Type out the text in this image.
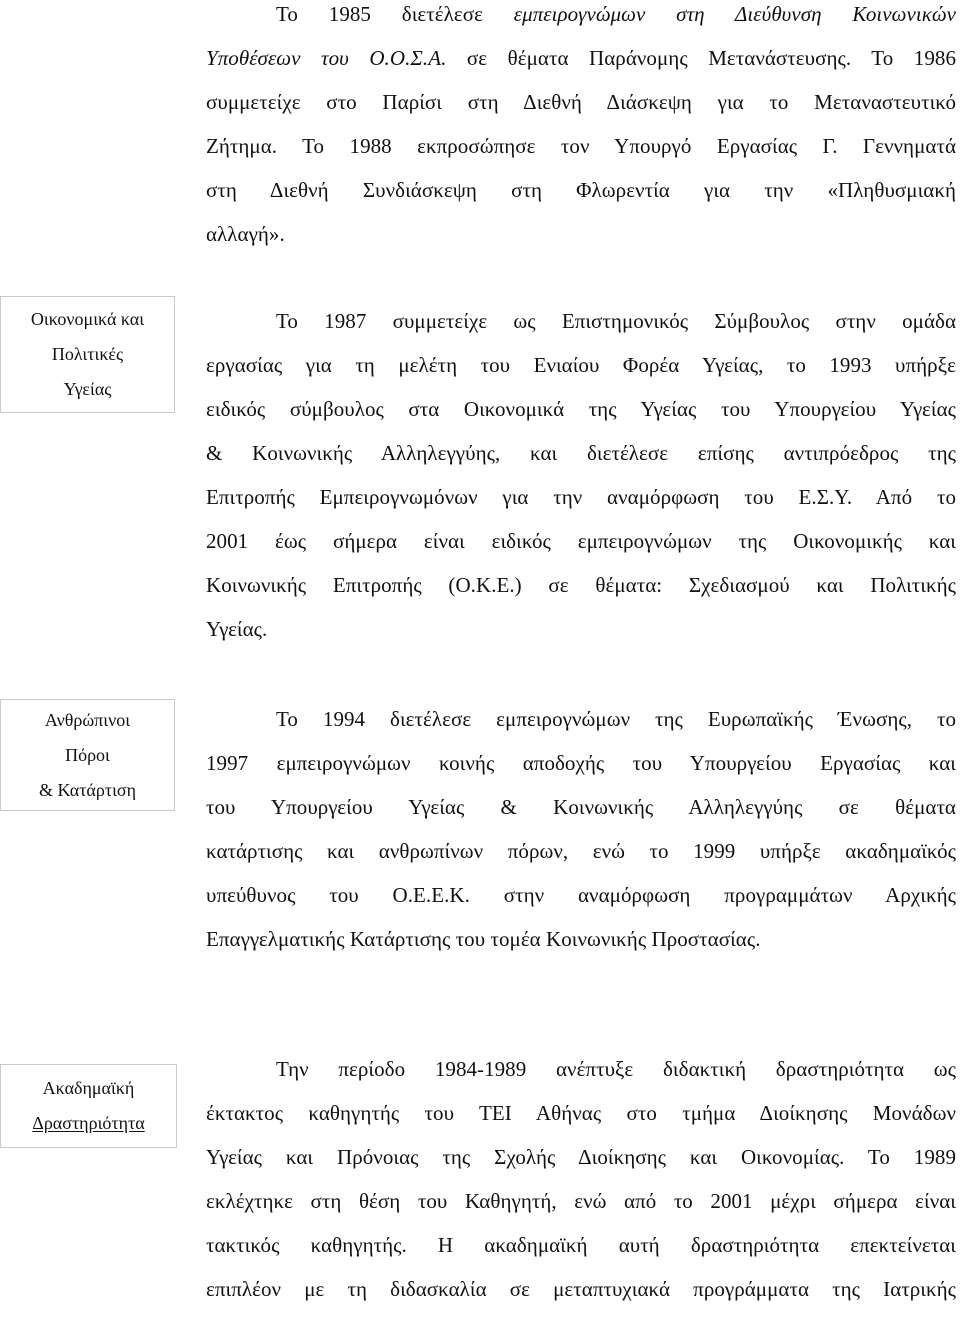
Το 1985 διετέλεσε εμπειρογνώμων στη Διεύθυνση Κοινωνικών
Υποθέσεων του Ο.Ο.Σ.Α. σε θέματα Παράνομης Μετανάστευσης. Το 1986
συμμετείχε στο Παρίσι στη Διεθνή Διάσκεψη για το Μεταναστευτικό
Ζήτημα. Το 1988 εκπροσώπησε τον Υπουργό Εργασίας Γ. Γεννηματά
στη Διεθνή Συνδιάσκεψη στη Φλωρεντία για την «Πληθυσμιακή
αλλαγή».
Οικονομικά και
Πολιτικές
Υγείας
Το 1987 συμμετείχε ως Επιστημονικός Σύμβουλος στην ομάδα
εργασίας για τη μελέτη του Ενιαίου Φορέα Υγείας, το 1993 υπήρξε
ειδικός σύμβουλος στα Οικονομικά της Υγείας του Υπουργείου Υγείας
& Κοινωνικής Αλληλεγγύης, και διετέλεσε επίσης αντιπρόεδρος της
Επιτροπής Εμπειρογνωμόνων για την αναμόρφωση του Ε.Σ.Υ. Από το
2001 έως σήμερα είναι ειδικός εμπειρογνώμων της Οικονομικής και
Κοινωνικής Επιτροπής (Ο.Κ.Ε.) σε θέματα: Σχεδιασμού και Πολιτικής
Υγείας.
Ανθρώπινοι
Πόροι
& Κατάρτιση
Το 1994 διετέλεσε εμπειρογνώμων της Ευρωπαϊκής Ένωσης, το
1997 εμπειρογνώμων κοινής αποδοχής του Υπουργείου Εργασίας και
του Υπουργείου Υγείας & Κοινωνικής Αλληλεγγύης σε θέματα
κατάρτισης και ανθρωπίνων πόρων, ενώ το 1999 υπήρξε ακαδημαϊκός
υπεύθυνος του Ο.Ε.Ε.Κ. στην αναμόρφωση προγραμμάτων Αρχικής
Επαγγελματικής Κατάρτισης του τομέα Κοινωνικής Προστασίας.
Ακαδημαϊκή
Δραστηριότητα
Την περίοδο 1984-1989 ανέπτυξε διδακτική δραστηριότητα ως
έκτακτος καθηγητής του ΤΕΙ Αθήνας στο τμήμα Διοίκησης Μονάδων
Υγείας και Πρόνοιας της Σχολής Διοίκησης και Οικονομίας. Το 1989
εκλέχτηκε στη θέση του Καθηγητή, ενώ από το 2001 μέχρι σήμερα είναι
τακτικός καθηγητής. Η ακαδημαϊκή αυτή δραστηριότητα επεκτείνεται
επιπλέον με τη διδασκαλία σε μεταπτυχιακά προγράμματα της Ιατρικής
